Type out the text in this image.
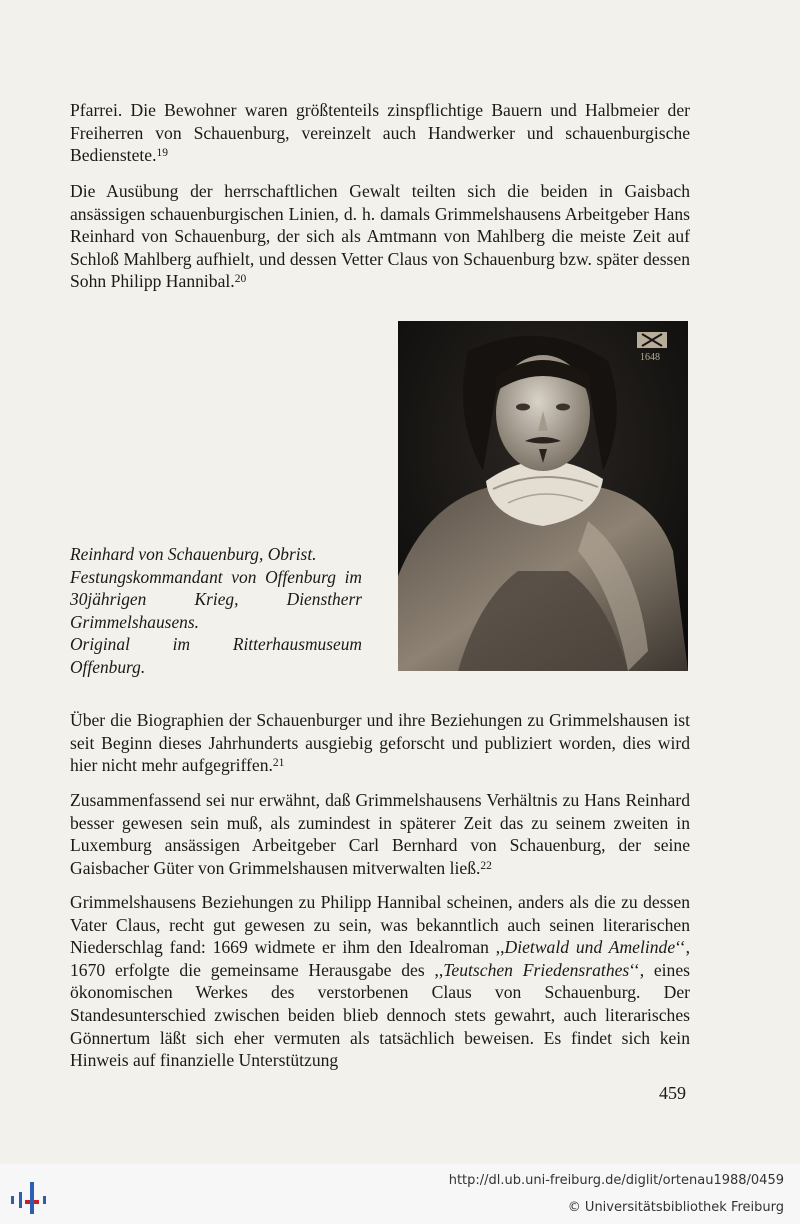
Pfarrei. Die Bewohner waren größtenteils zinspflichtige Bauern und Halbmeier der Freiherren von Schauenburg, vereinzelt auch Handwerker und schauenburgische Bedienstete.$^{19}$

Die Ausübung der herrschaftlichen Gewalt teilten sich die beiden in Gaisbach ansässigen schauenburgischen Linien, d. h. damals Grimmelshausens Arbeitgeber Hans Reinhard von Schauenburg, der sich als Amtmann von Mahlberg die meiste Zeit auf Schloß Mahlberg aufhielt, und dessen Vetter Claus von Schauenburg bzw. später dessen Sohn Philipp Hannibal.$^{20}$

1648

Reinhard von Schauenburg, Obrist.
Festungskommandant von Offenburg im 30jährigen Krieg, Dienstherr Grimmelshausens.
Original im Ritterhausmuseum Offenburg.

Über die Biographien der Schauenburger und ihre Beziehungen zu Grimmelshausen ist seit Beginn dieses Jahrhunderts ausgiebig geforscht und publiziert worden, dies wird hier nicht mehr aufgegriffen.$^{21}$

Zusammenfassend sei nur erwähnt, daß Grimmelshausens Verhältnis zu Hans Reinhard besser gewesen sein muß, als zumindest in späterer Zeit das zu seinem zweiten in Luxemburg ansässigen Arbeitgeber Carl Bernhard von Schauenburg, der seine Gaisbacher Güter von Grimmelshausen mitverwalten ließ.$^{22}$

Grimmelshausens Beziehungen zu Philipp Hannibal scheinen, anders als die zu dessen Vater Claus, recht gut gewesen zu sein, was bekanntlich auch seinen literarischen Niederschlag fand: 1669 widmete er ihm den Idealroman ,,Dietwald und Amelinde‘‘, 1670 erfolgte die gemeinsame Herausgabe des ,,Teutschen Friedensrathes‘‘, eines ökonomischen Werkes des verstorbenen Claus von Schauenburg. Der Standesunterschied zwischen beiden blieb dennoch stets gewahrt, auch literarisches Gönnertum läßt sich eher vermuten als tatsächlich beweisen. Es findet sich kein Hinweis auf finanzielle Unterstützung

459
http://dl.ub.uni-freiburg.de/diglit/ortenau1988/0459
© Universitätsbibliothek Freiburg
